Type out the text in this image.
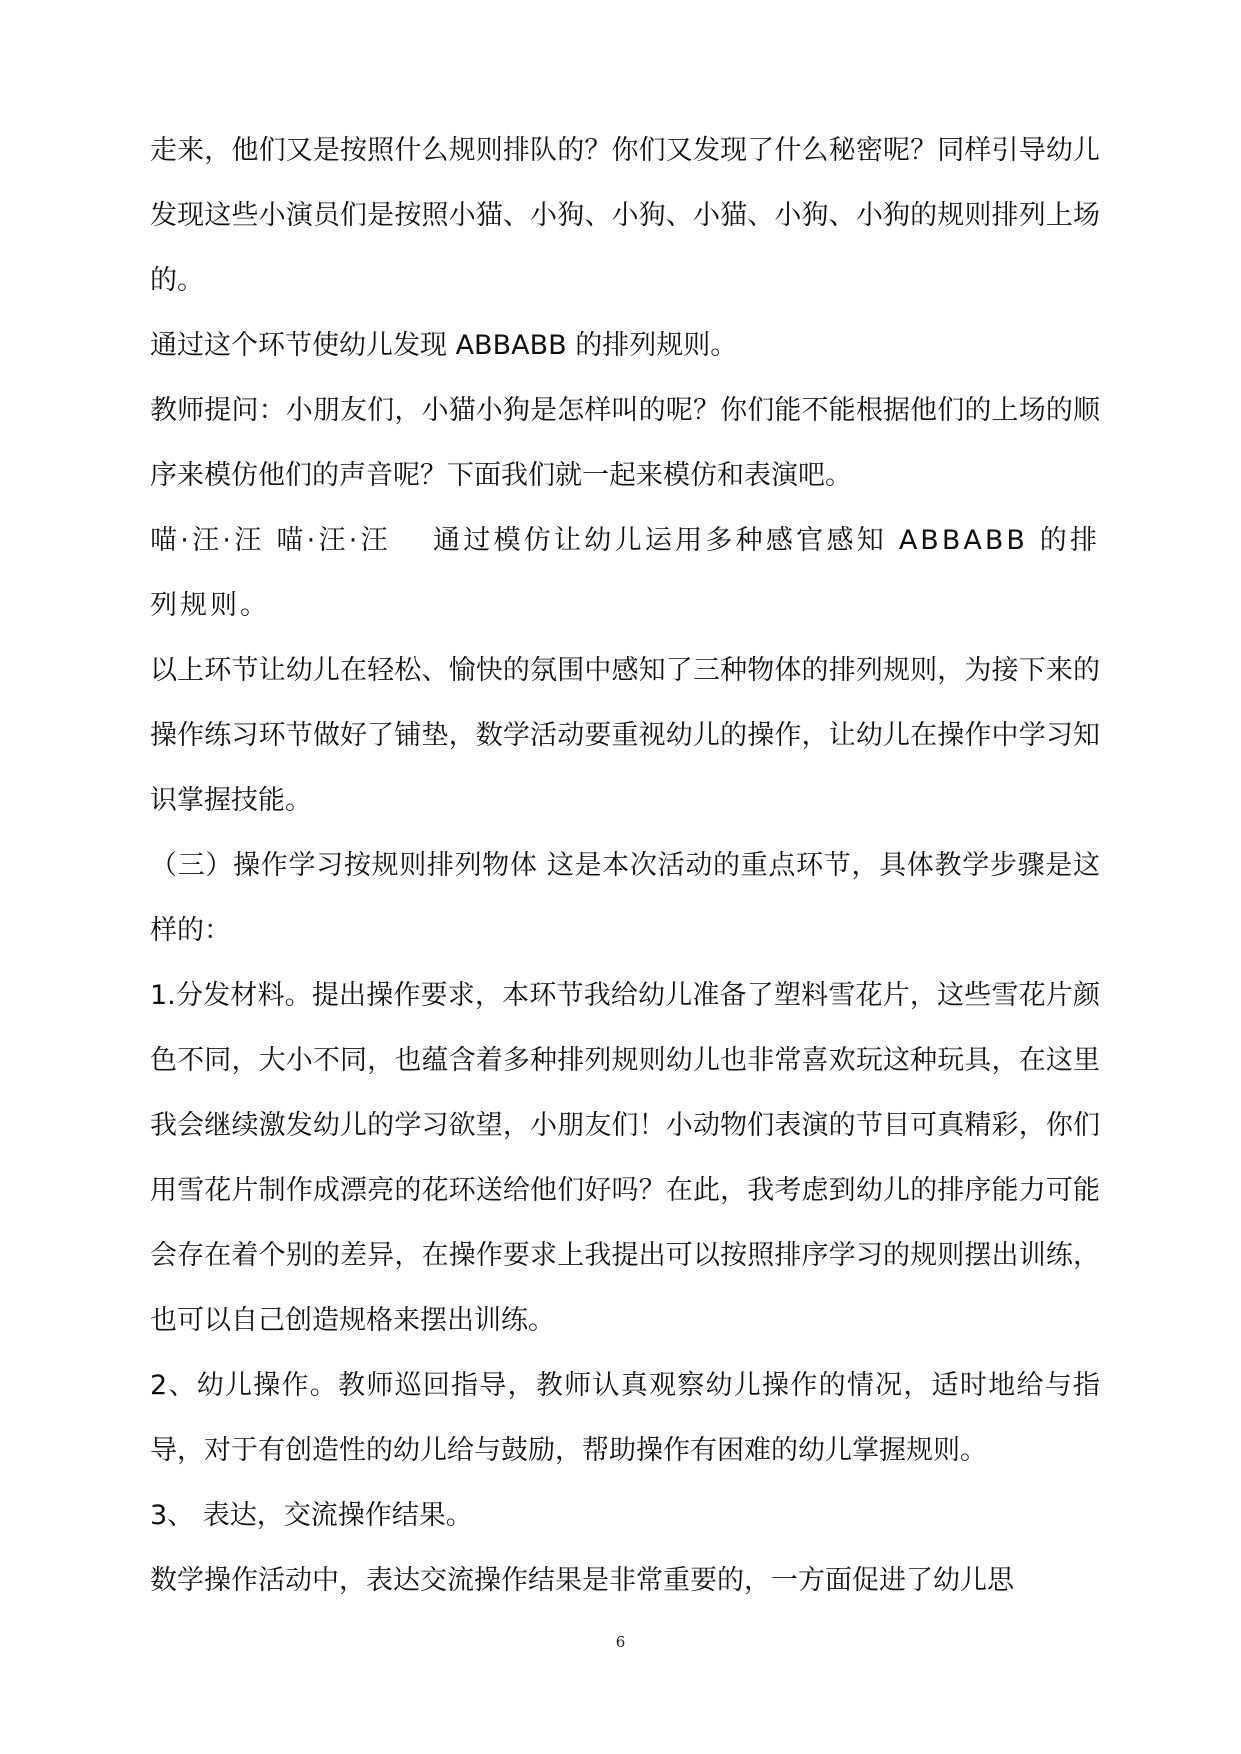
走来，他们又是按照什么规则排队的？你们又发现了什么秘密呢？同样引导幼儿发现这些小演员们是按照小猫、小狗、小狗、小猫、小狗、小狗的规则排列上场的。

通过这个环节使幼儿发现 ABBABB 的排列规则。

教师提问：小朋友们，小猫小狗是怎样叫的呢？你们能不能根据他们的上场的顺序来模仿他们的声音呢？下面我们就一起来模仿和表演吧。

喵·汪·汪 喵·汪·汪　 通过模仿让幼儿运用多种感官感知 ABBABB 的排列规则。

以上环节让幼儿在轻松、愉快的氛围中感知了三种物体的排列规则，为接下来的操作练习环节做好了铺垫，数学活动要重视幼儿的操作，让幼儿在操作中学习知识掌握技能。

（三）操作学习按规则排列物体 这是本次活动的重点环节，具体教学步骤是这样的：

1.分发材料。提出操作要求，本环节我给幼儿准备了塑料雪花片，这些雪花片颜色不同，大小不同，也蕴含着多种排列规则幼儿也非常喜欢玩这种玩具，在这里我会继续激发幼儿的学习欲望，小朋友们！小动物们表演的节目可真精彩，你们用雪花片制作成漂亮的花环送给他们好吗？在此，我考虑到幼儿的排序能力可能会存在着个别的差异，在操作要求上我提出可以按照排序学习的规则摆出训练，也可以自己创造规格来摆出训练。

2、幼儿操作。教师巡回指导，教师认真观察幼儿操作的情况，适时地给与指导，对于有创造性的幼儿给与鼓励，帮助操作有困难的幼儿掌握规则。

3、 表达，交流操作结果。

数学操作活动中，表达交流操作结果是非常重要的，一方面促进了幼儿思

6
